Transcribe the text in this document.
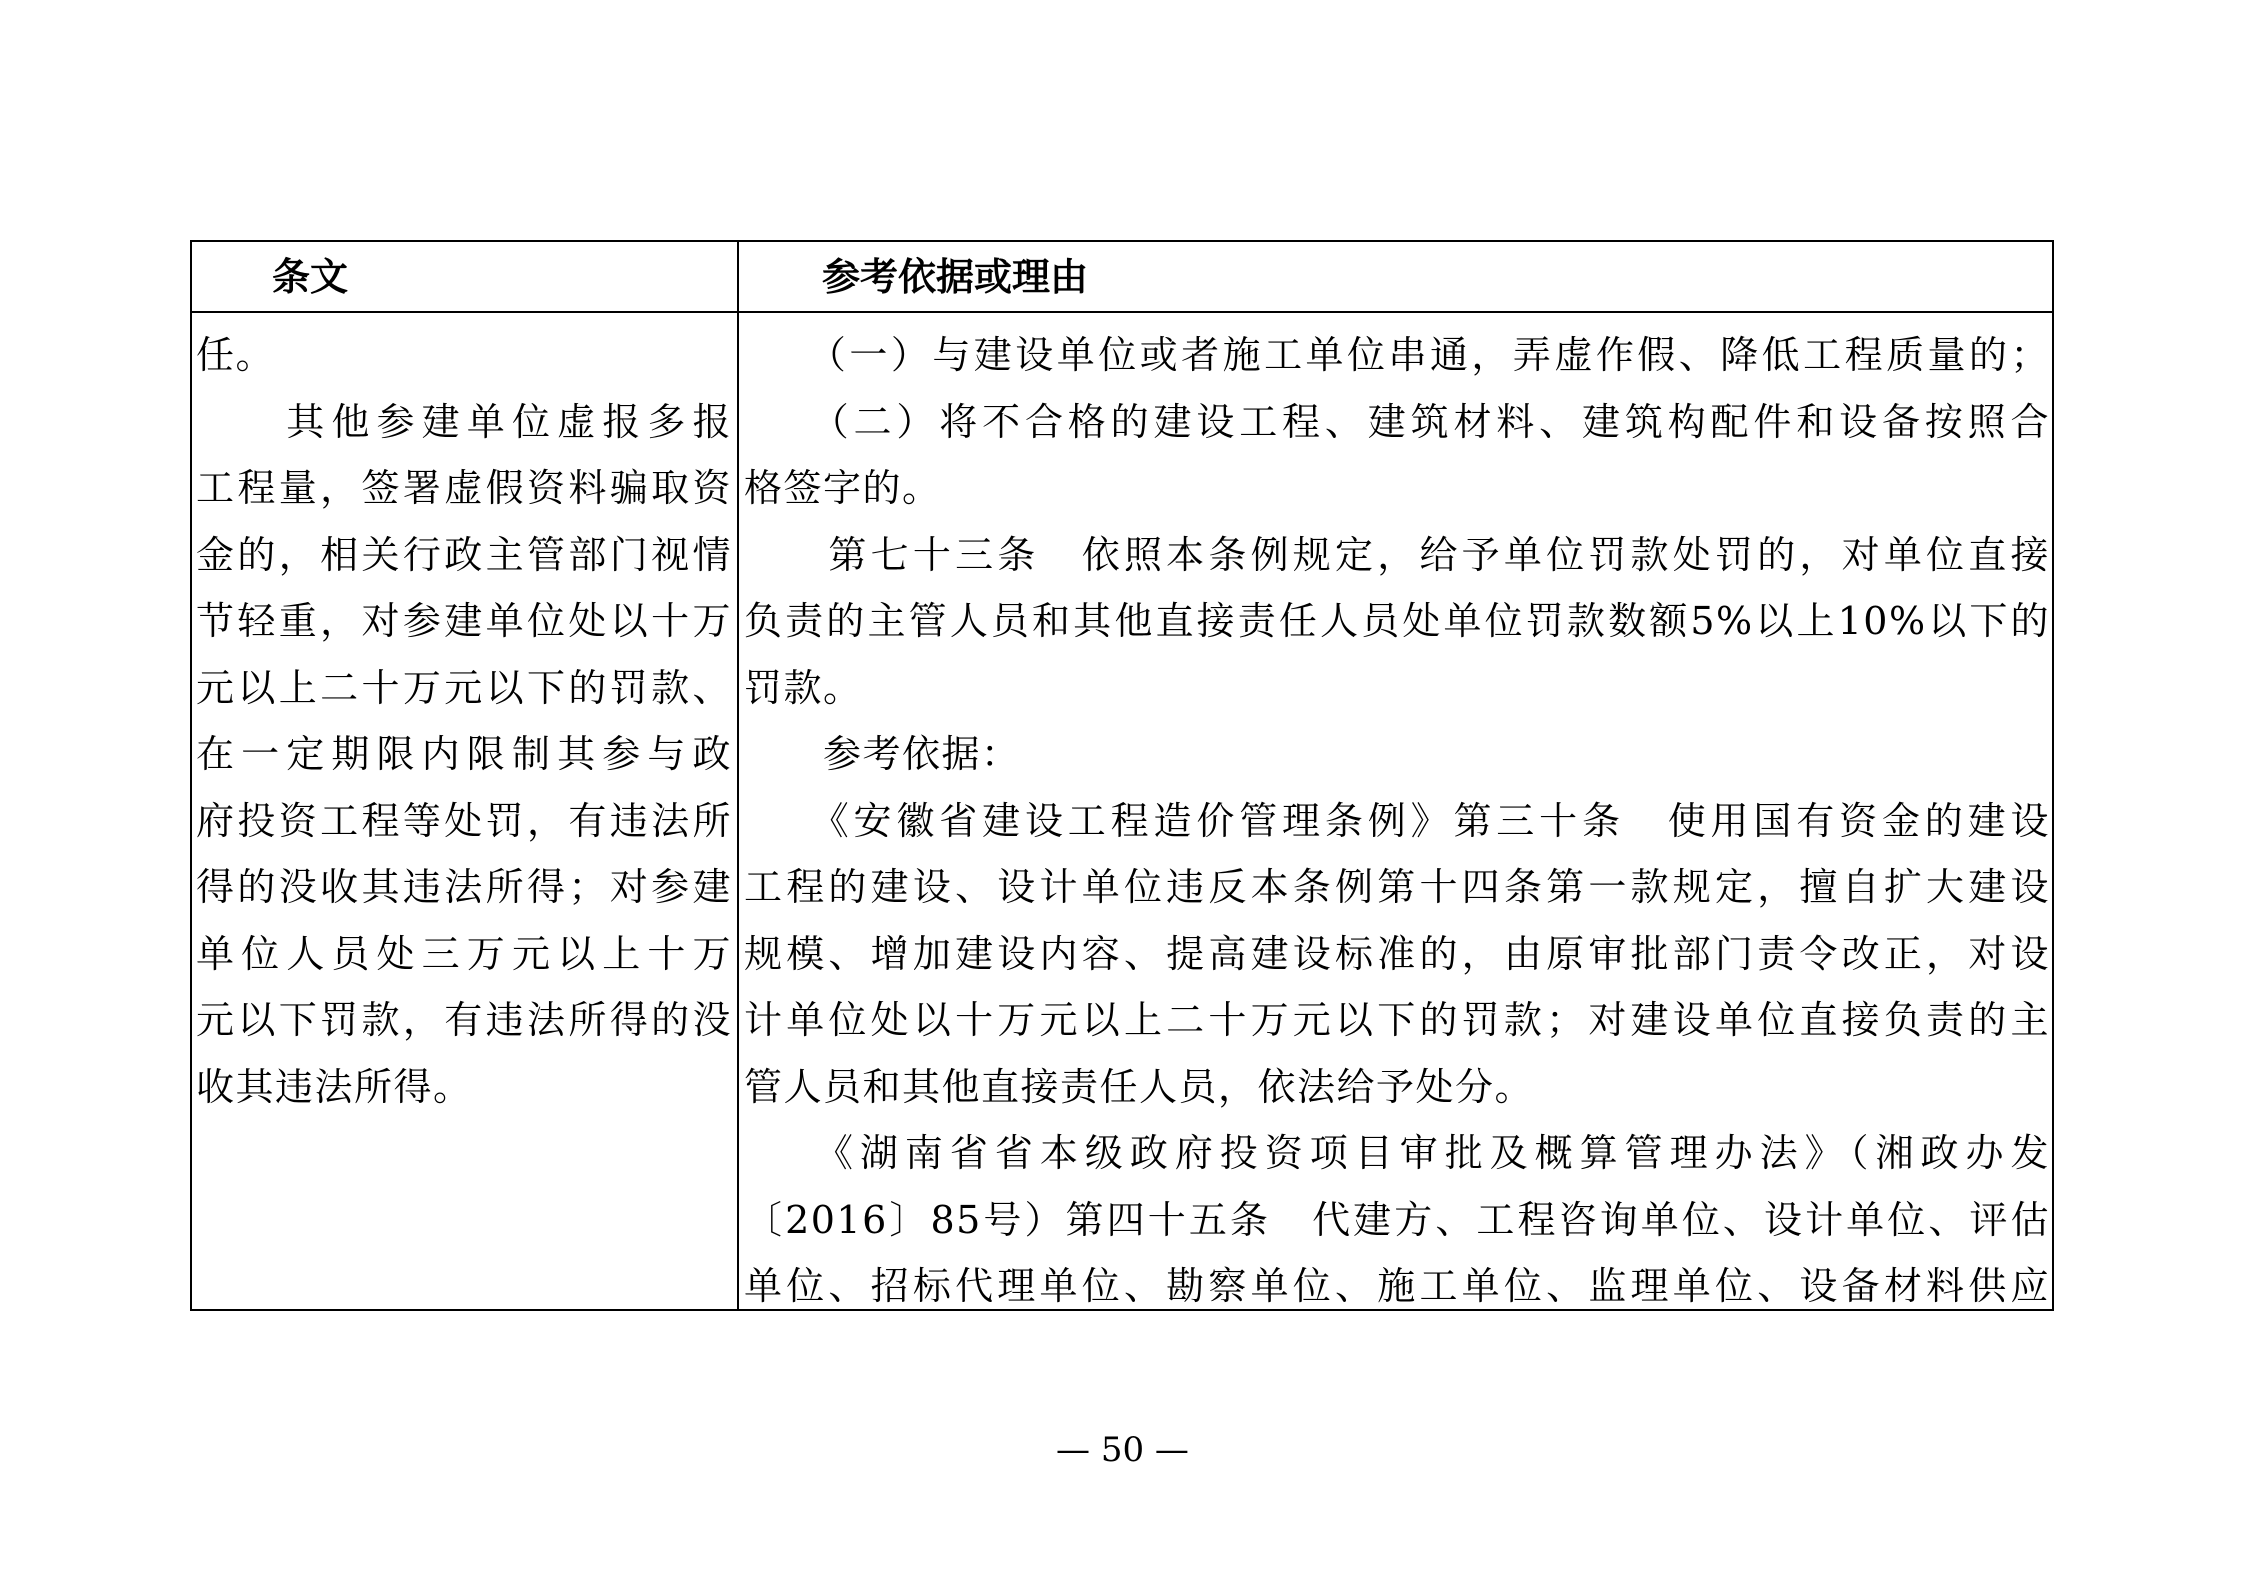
条文	参考依据或理由
任。
　　其他参建单位虚报多报
工程量，签署虚假资料骗取资
金的，相关行政主管部门视情
节轻重，对参建单位处以十万
元以上二十万元以下的罚款、
在一定期限内限制其参与政
府投资工程等处罚，有违法所
得的没收其违法所得；对参建
单位人员处三万元以上十万
元以下罚款，有违法所得的没
收其违法所得。
　　（一）与建设单位或者施工单位串通，弄虚作假、降低工程质量的；
　　（二）将不合格的建设工程、建筑材料、建筑构配件和设备按照合
格签字的。
　　第七十三条　依照本条例规定，给予单位罚款处罚的，对单位直接
负责的主管人员和其他直接责任人员处单位罚款数额5%以上10%以下的
罚款。
　　参考依据：
　　《安徽省建设工程造价管理条例》第三十条　使用国有资金的建设
工程的建设、设计单位违反本条例第十四条第一款规定，擅自扩大建设
规模、增加建设内容、提高建设标准的，由原审批部门责令改正，对设
计单位处以十万元以上二十万元以下的罚款；对建设单位直接负责的主
管人员和其他直接责任人员，依法给予处分。
　　《湖南省省本级政府投资项目审批及概算管理办法》（湘政办发
〔2016〕85号）第四十五条　代建方、工程咨询单位、设计单位、评估
单位、招标代理单位、勘察单位、施工单位、监理单位、设备材料供应
— 50 —
